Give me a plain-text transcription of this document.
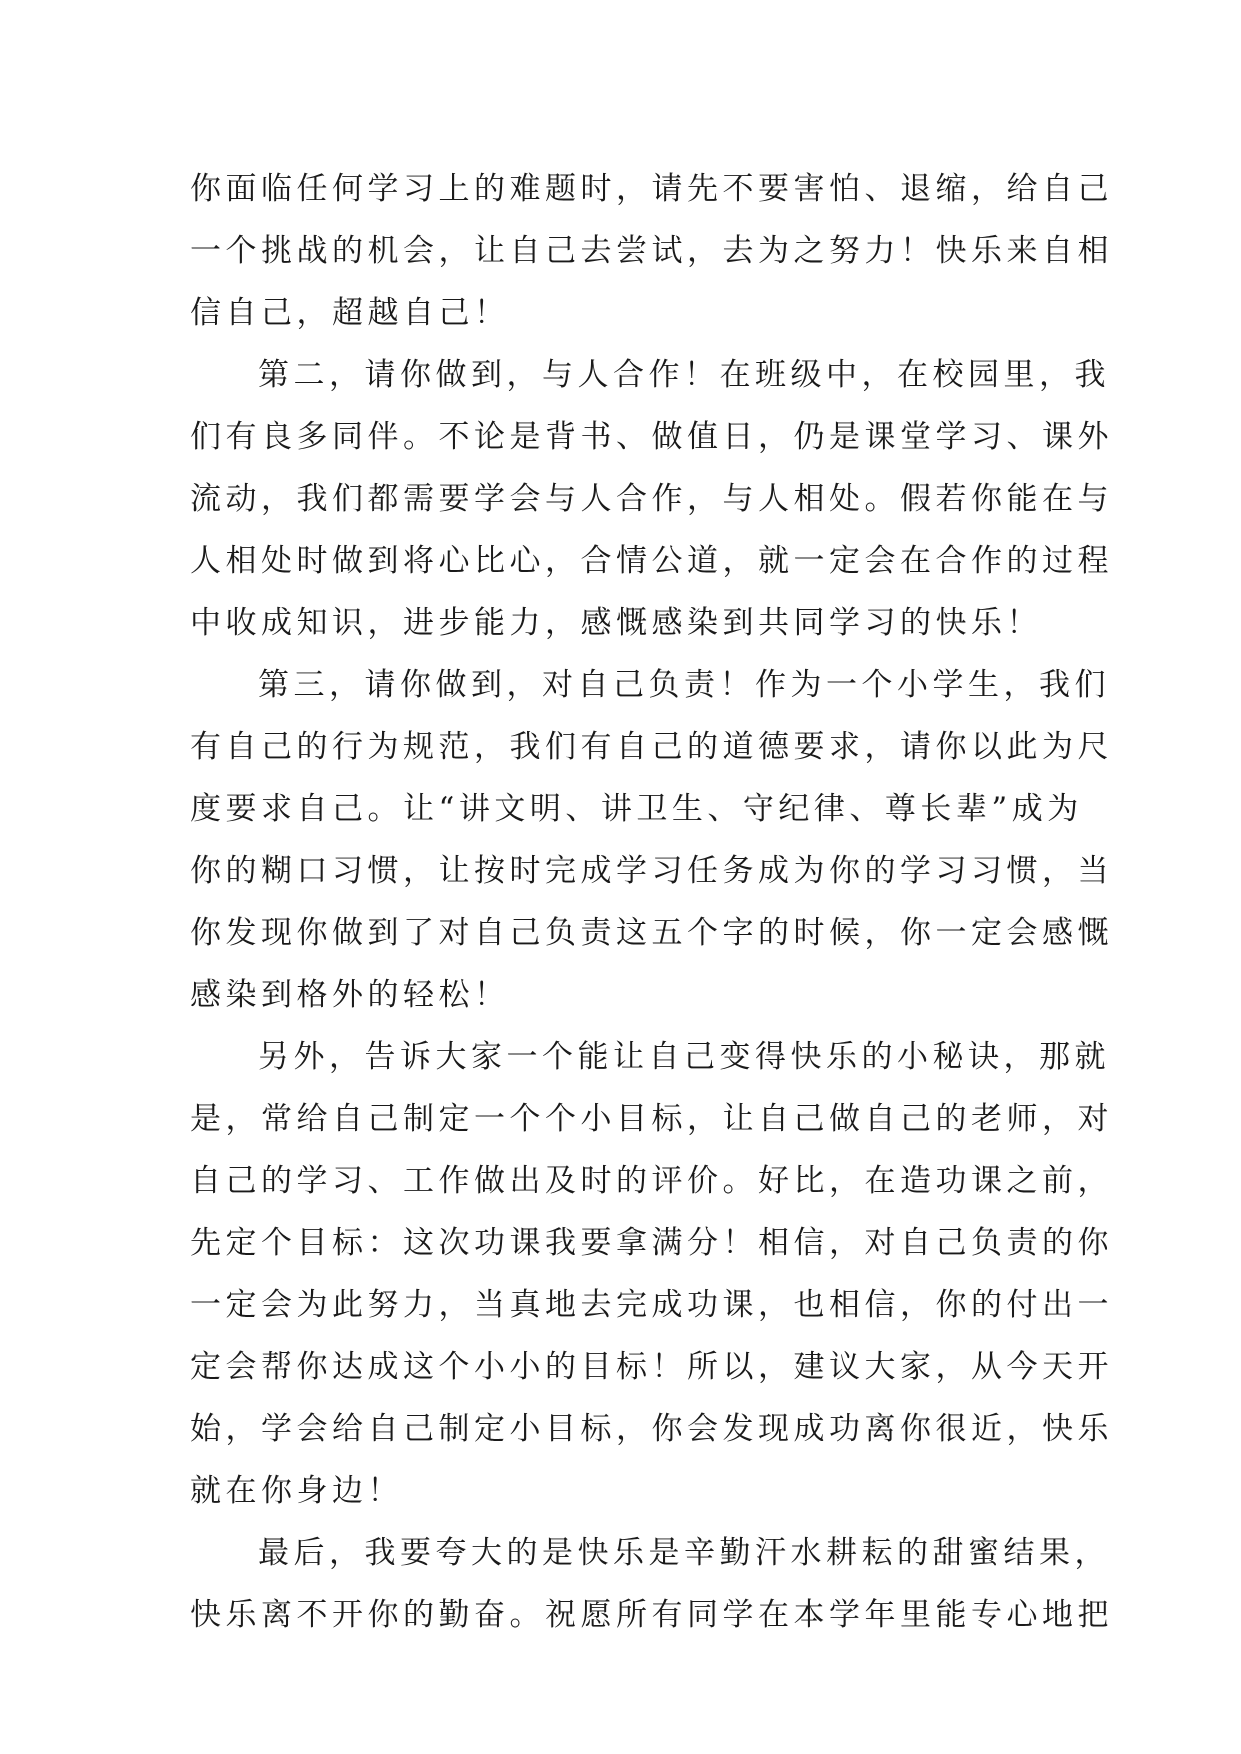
你面临任何学习上的难题时，请先不要害怕、退缩，给自己
一个挑战的机会，让自己去尝试，去为之努力！快乐来自相
信自己，超越自己！
第二，请你做到，与人合作！在班级中，在校园里，我
们有良多同伴。不论是背书、做值日，仍是课堂学习、课外
流动，我们都需要学会与人合作，与人相处。假若你能在与
人相处时做到将心比心，合情公道，就一定会在合作的过程
中收成知识，进步能力，感慨感染到共同学习的快乐！
第三，请你做到，对自己负责！作为一个小学生，我们
有自己的行为规范，我们有自己的道德要求，请你以此为尺
度要求自己。让“讲文明、讲卫生、守纪律、尊长辈”成为
你的糊口习惯，让按时完成学习任务成为你的学习习惯，当
你发现你做到了对自己负责这五个字的时候，你一定会感慨
感染到格外的轻松！
另外，告诉大家一个能让自己变得快乐的小秘诀，那就
是，常给自己制定一个个小目标，让自己做自己的老师，对
自己的学习、工作做出及时的评价。好比，在造功课之前，
先定个目标：这次功课我要拿满分！相信，对自己负责的你
一定会为此努力，当真地去完成功课，也相信，你的付出一
定会帮你达成这个小小的目标！所以，建议大家，从今天开
始，学会给自己制定小目标，你会发现成功离你很近，快乐
就在你身边！
最后，我要夸大的是快乐是辛勤汗水耕耘的甜蜜结果，
快乐离不开你的勤奋。祝愿所有同学在本学年里能专心地把
